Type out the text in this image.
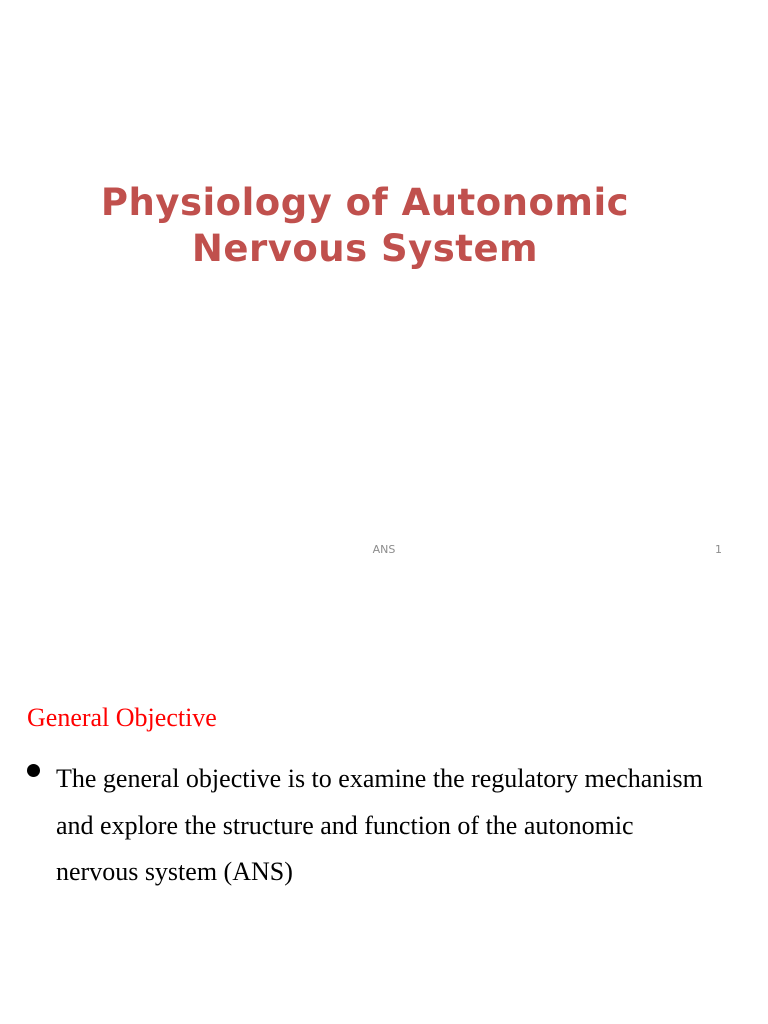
Physiology of Autonomic Nervous System
ANS	1
General Objective
The general objective is to examine the regulatory mechanism and explore the structure and function of the autonomic nervous system (ANS)
